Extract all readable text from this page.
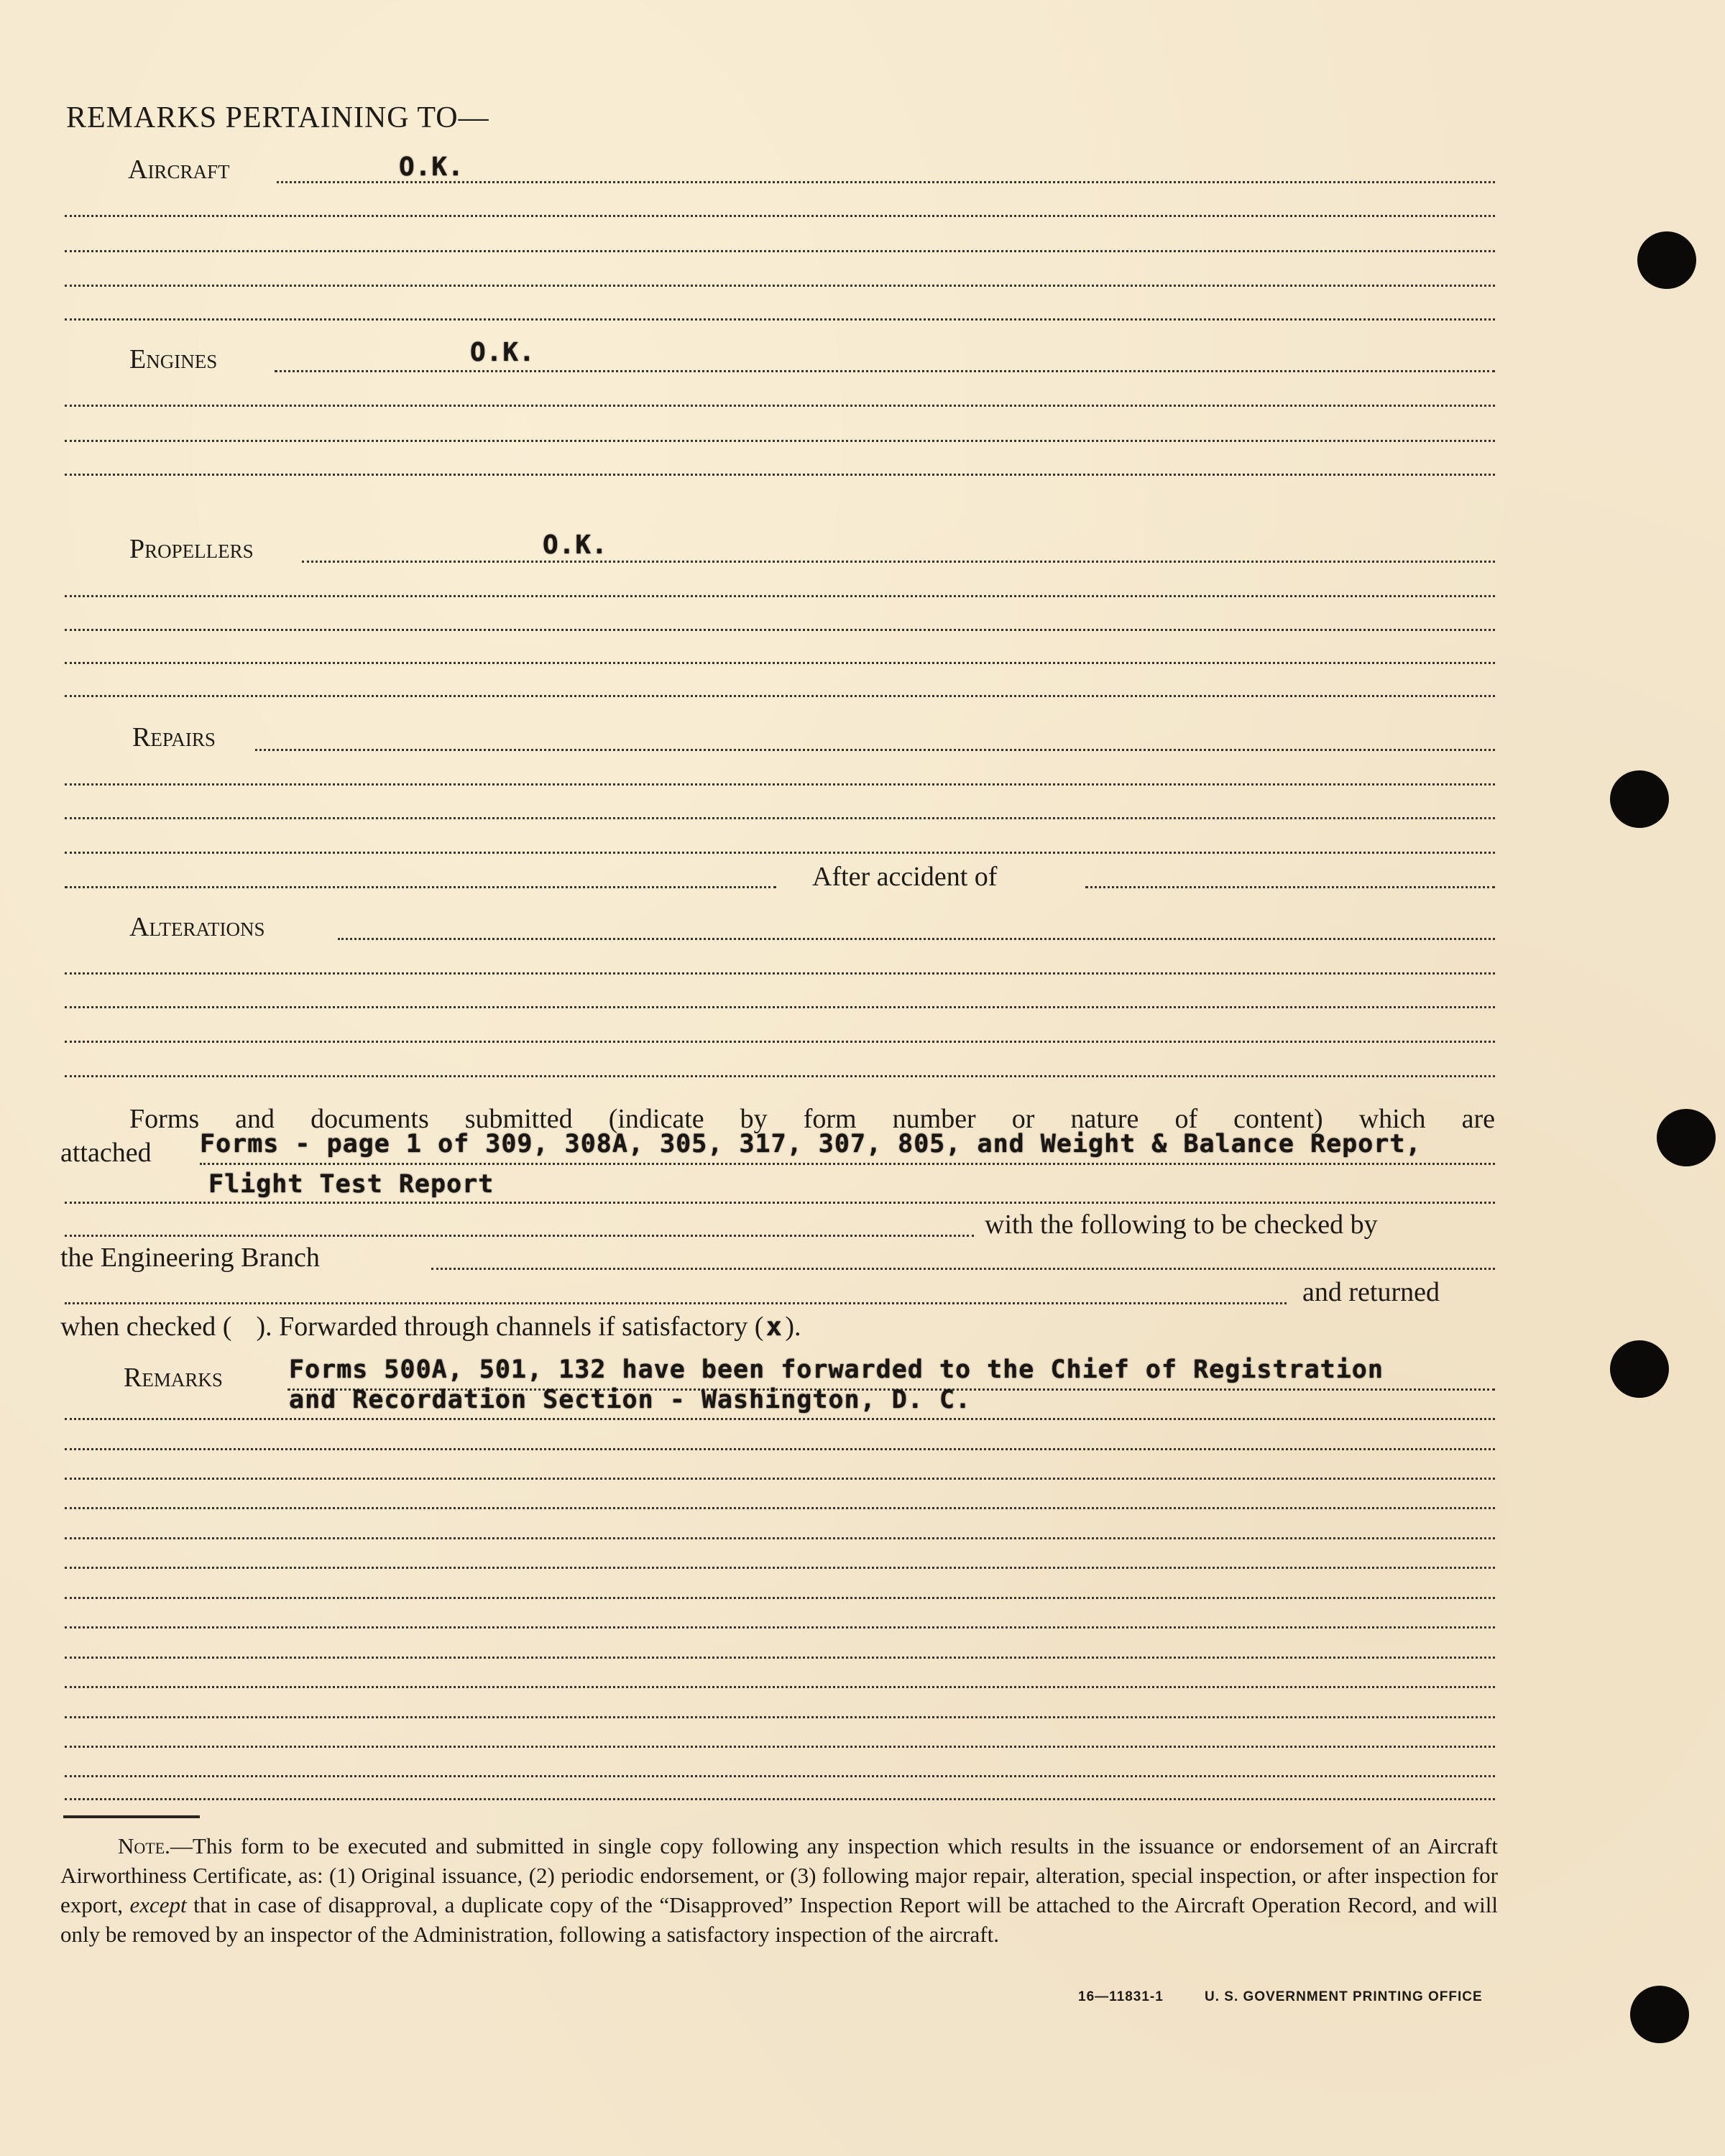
REMARKS PERTAINING TO—
Aircraft	O.K.
Engines	O.K.
Propellers	O.K.
Repairs
After accident of
Alterations
Forms and documents submitted (indicate by form number or nature of content) which are
attached Forms - page 1 of 309, 308A, 305, 317, 307, 805, and Weight & Balance Report,
Flight Test Report
with the following to be checked by
the Engineering Branch
and returned
when checked ( ). Forwarded through channels if satisfactory ( x).
Remarks	Forms 500A, 501, 132 have been forwarded to the Chief of Registration
and Recordation Section - Washington, D. C.
Note.—This form to be executed and submitted in single copy following any inspection which results in the issuance or endorsement of an Aircraft Airworthiness Certificate, as: (1) Original issuance, (2) periodic endorsement, or (3) following major repair, alteration, special inspection, or after inspection for export, except that in case of disapproval, a duplicate copy of the “Disapproved” Inspection Report will be attached to the Aircraft Operation Record, and will only be removed by an inspector of the Administration, following a satisfactory inspection of the aircraft.
16—11831-1	U. S. GOVERNMENT PRINTING OFFICE
